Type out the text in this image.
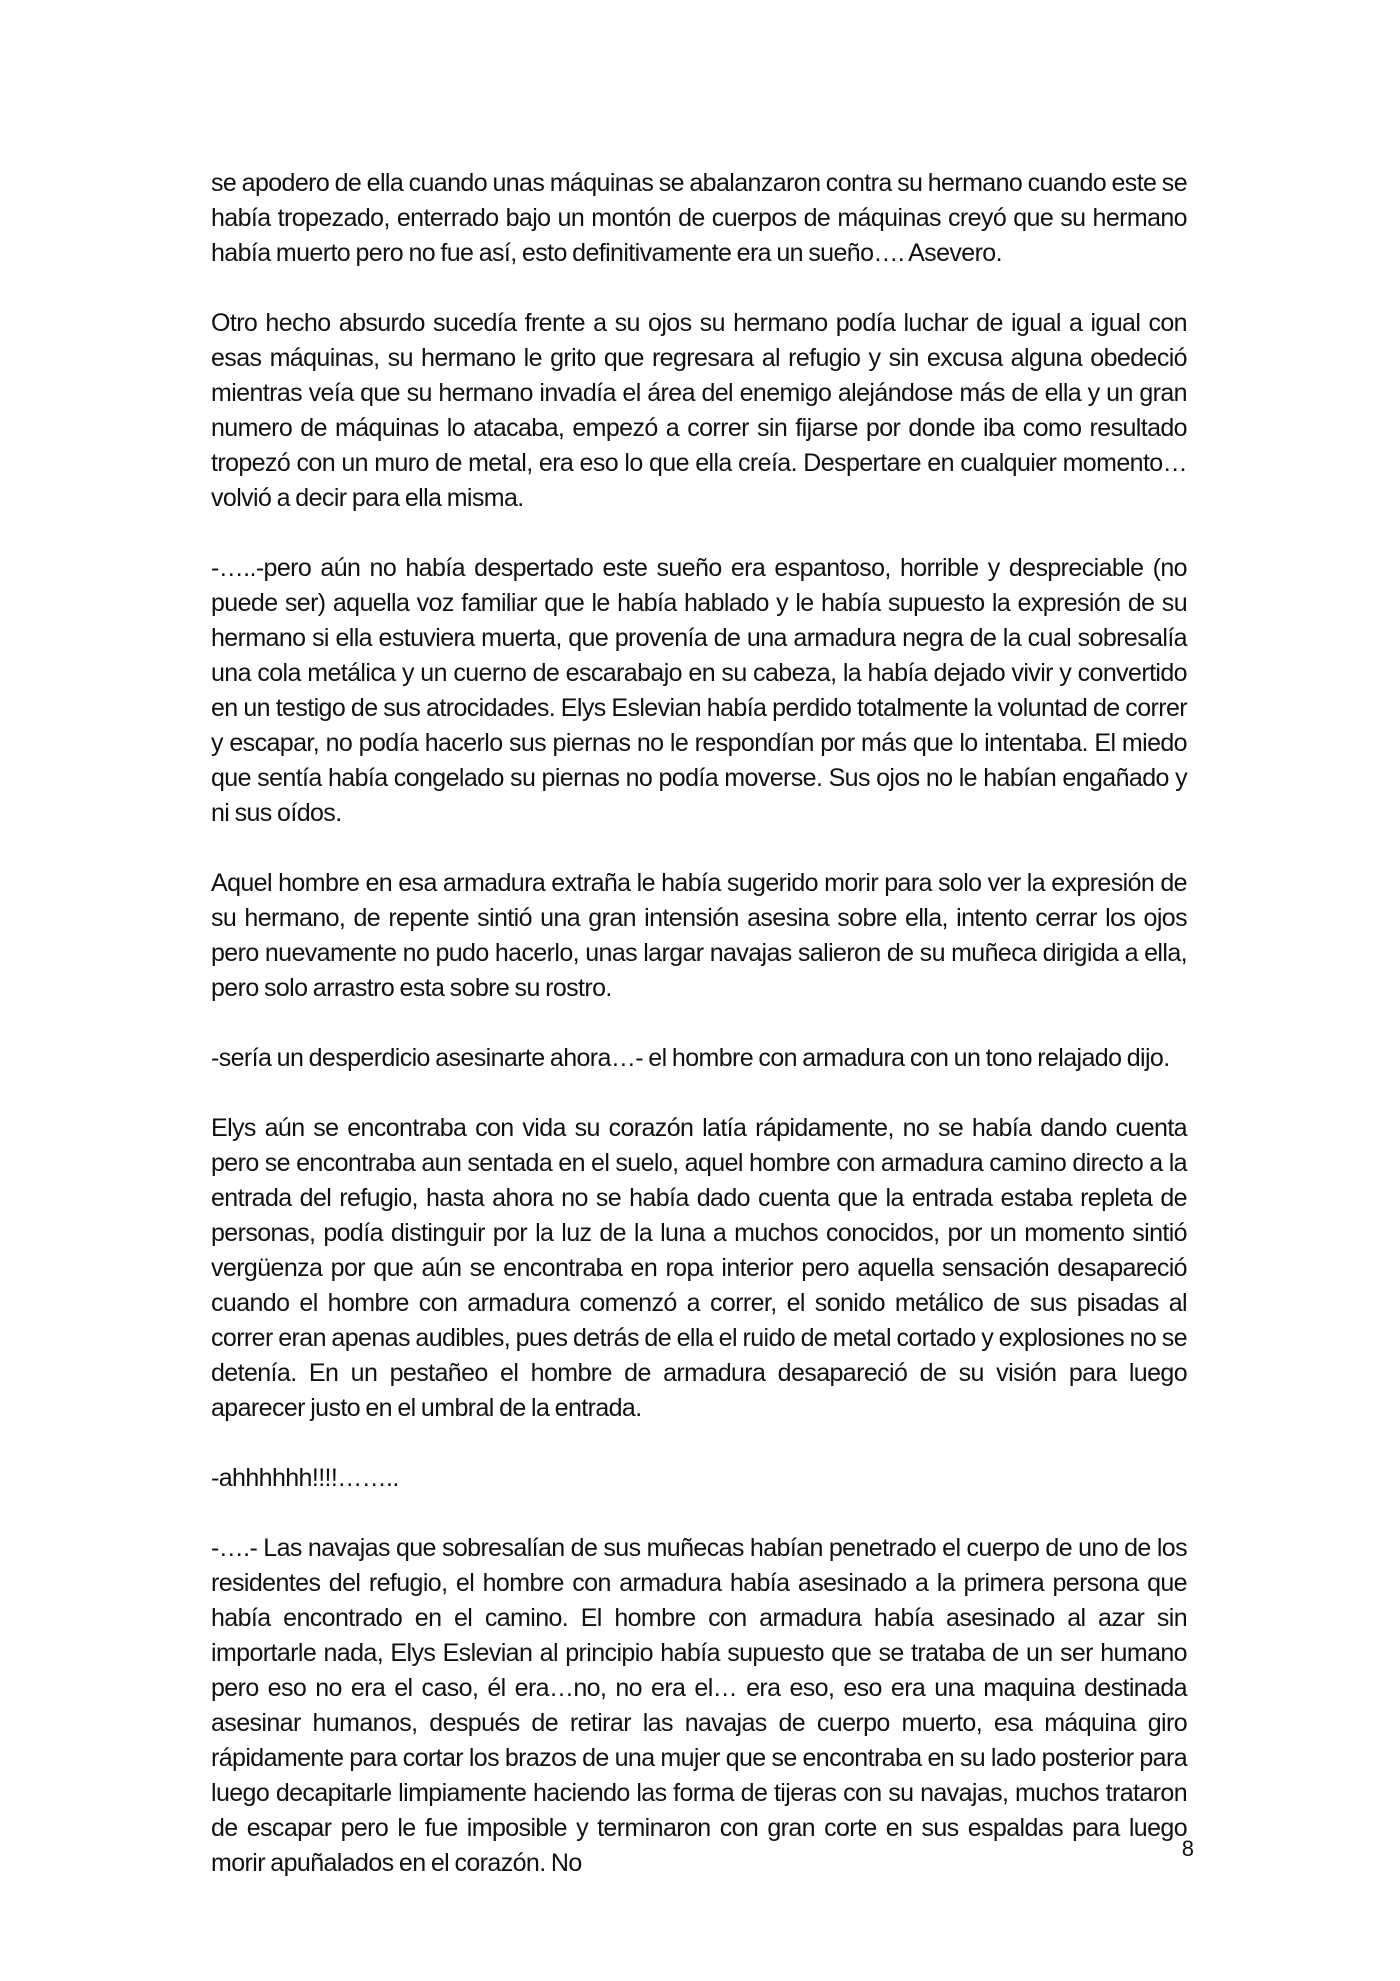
se apodero de ella cuando unas máquinas se abalanzaron contra su hermano cuando este se había tropezado, enterrado bajo un montón de cuerpos de máquinas creyó que su hermano había muerto pero no fue así, esto definitivamente era un sueño…. Asevero.

Otro hecho absurdo sucedía frente a su ojos su hermano podía luchar de igual a igual con esas máquinas, su hermano le grito que regresara al refugio y sin excusa alguna obedeció mientras veía que su hermano invadía el área del enemigo alejándose más de ella y un gran numero de máquinas lo atacaba, empezó a correr sin fijarse por donde iba como resultado tropezó con un muro de metal, era eso lo que ella creía. Despertare en cualquier momento… volvió a decir para ella misma.

-…..-pero aún no había despertado este sueño era espantoso, horrible y despreciable (no puede ser) aquella voz familiar que le había hablado y le había supuesto la expresión de su hermano si ella estuviera muerta, que provenía de una armadura negra de la cual sobresalía una cola metálica y un cuerno de escarabajo en su cabeza, la había dejado vivir y convertido en un testigo de sus atrocidades. Elys Eslevian había perdido totalmente la voluntad de correr y escapar, no podía hacerlo sus piernas no le respondían por más que lo intentaba. El miedo que sentía había congelado su piernas no podía moverse. Sus ojos no le habían engañado y ni sus oídos.

Aquel hombre en esa armadura extraña le había sugerido morir para solo ver la expresión de su hermano, de repente sintió una gran intensión asesina sobre ella, intento cerrar los ojos pero nuevamente no pudo hacerlo, unas largar navajas salieron de su muñeca dirigida a ella, pero solo arrastro esta sobre su rostro.

-sería un desperdicio asesinarte ahora…- el hombre con armadura con un tono relajado dijo.

Elys aún se encontraba con vida su corazón latía rápidamente, no se había dando cuenta pero se encontraba aun sentada en el suelo, aquel hombre con armadura camino directo a la entrada del refugio, hasta ahora no se había dado cuenta que la entrada estaba repleta de personas, podía distinguir por la luz de la luna a muchos conocidos, por un momento sintió vergüenza por que aún se encontraba en ropa interior pero aquella sensación desapareció cuando el hombre con armadura comenzó a correr, el sonido metálico de sus pisadas al correr eran apenas audibles, pues detrás de ella el ruido de metal cortado y explosiones no se detenía. En un pestañeo el hombre de armadura desapareció de su visión para luego aparecer justo en el umbral de la entrada.

-ahhhhhh!!!!……..

-….- Las navajas que sobresalían de sus muñecas habían penetrado el cuerpo de uno de los residentes del refugio, el hombre con armadura había asesinado a la primera persona que había encontrado en el camino. El hombre con armadura había asesinado al azar sin importarle nada, Elys Eslevian al principio había supuesto que se trataba de un ser humano pero eso no era el caso, él era…no, no era el… era eso, eso era una maquina destinada asesinar humanos, después de retirar las navajas de cuerpo muerto, esa máquina giro rápidamente para cortar los brazos de una mujer que se encontraba en su lado posterior para luego decapitarle limpiamente haciendo las forma de tijeras con su navajas, muchos trataron de escapar pero le fue imposible y terminaron con gran corte en sus espaldas para luego morir apuñalados en el corazón. No

8
